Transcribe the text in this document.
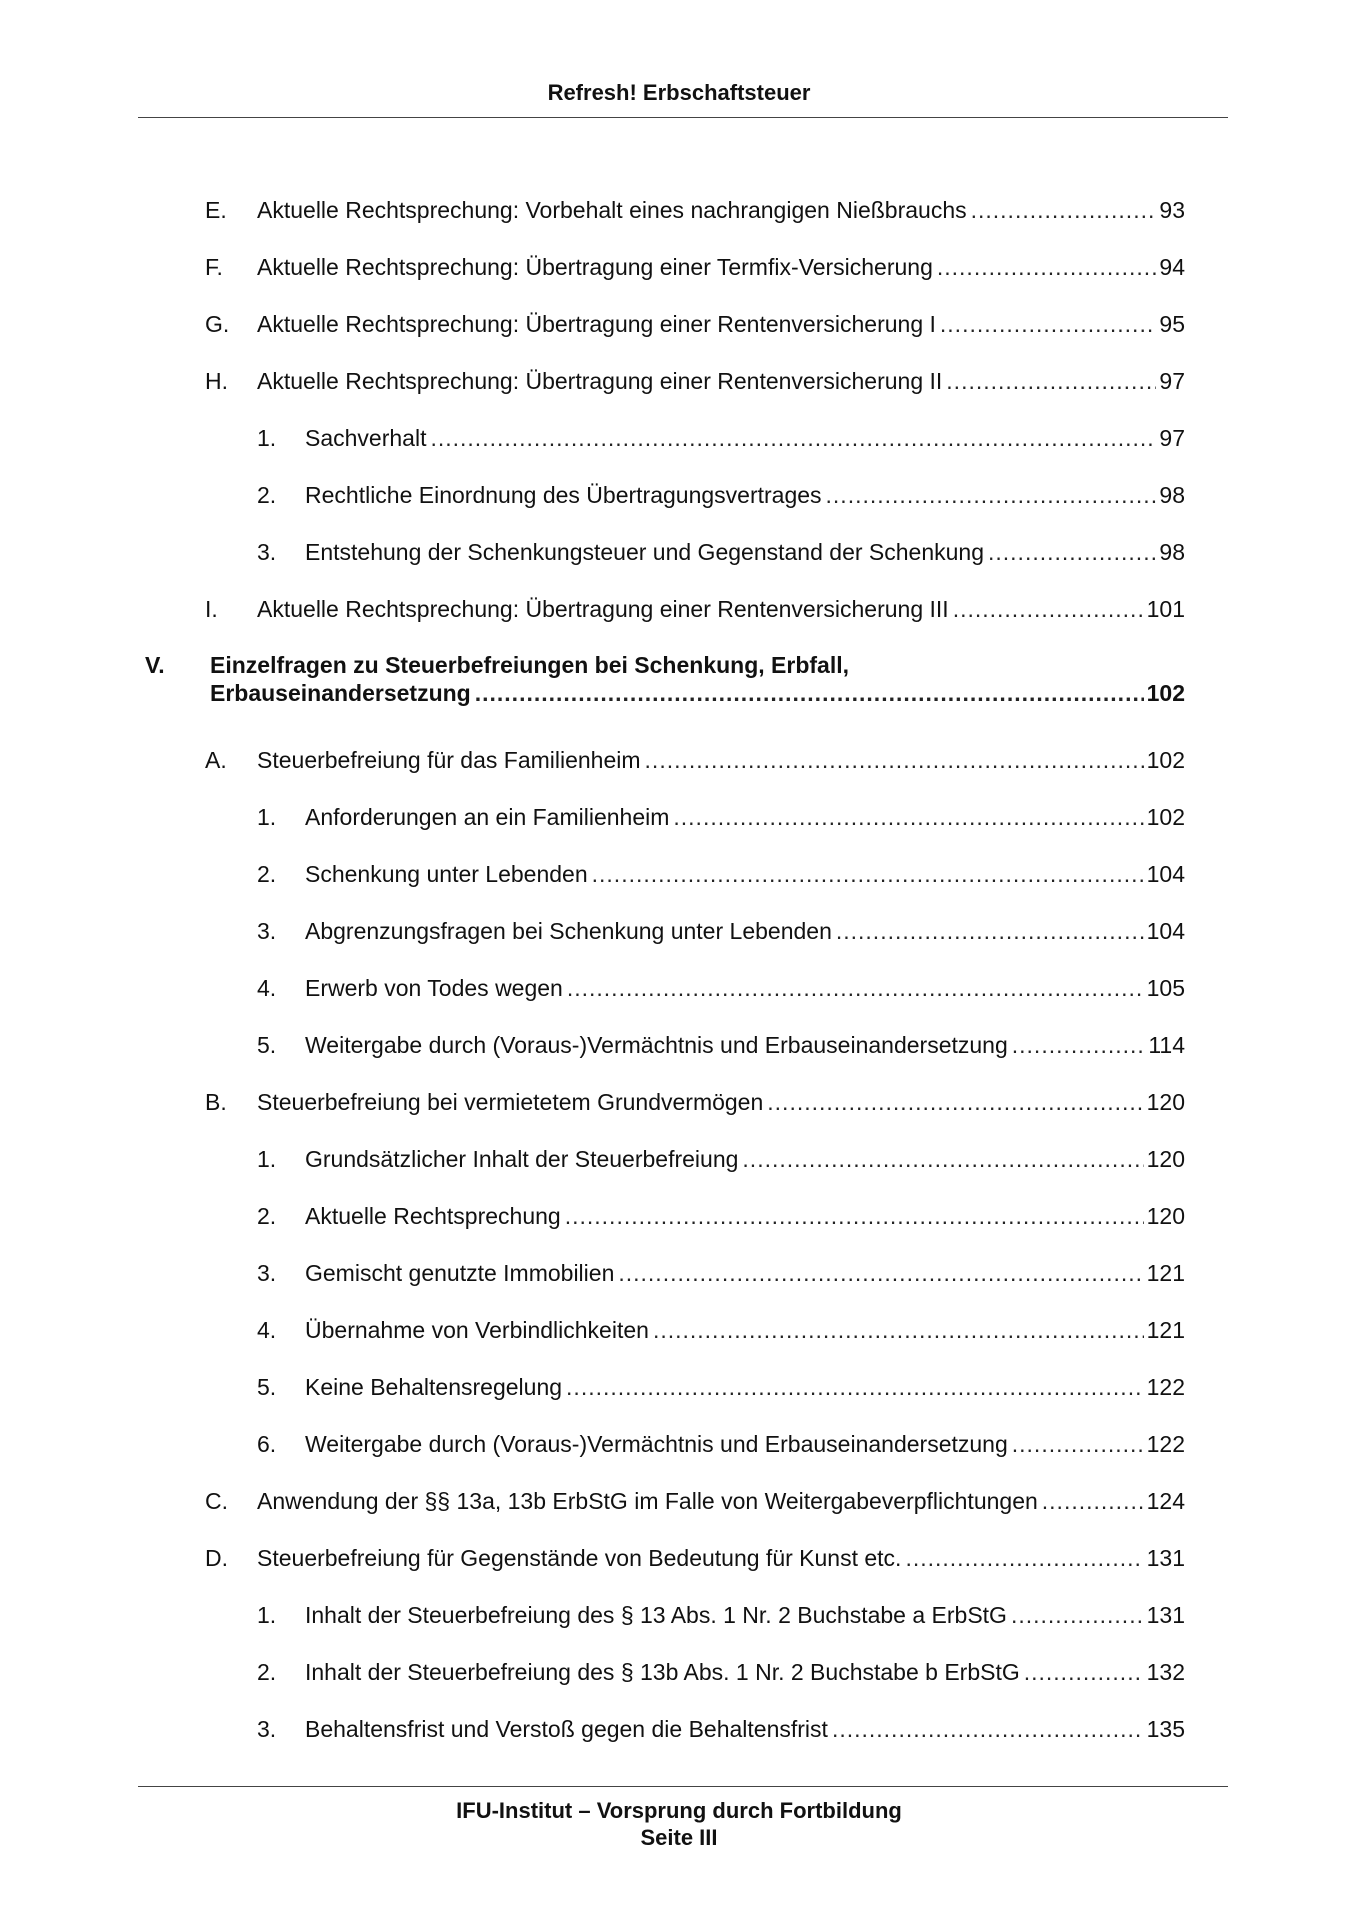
Refresh! Erbschaftsteuer
E. Aktuelle Rechtsprechung: Vorbehalt eines nachrangigen Nießbrauchs .....	93
F. Aktuelle Rechtsprechung: Übertragung einer Termfix-Versicherung .....	94
G. Aktuelle Rechtsprechung: Übertragung einer Rentenversicherung I .....	95
H. Aktuelle Rechtsprechung: Übertragung einer Rentenversicherung II .....	97
1. Sachverhalt .....	97
2. Rechtliche Einordnung des Übertragungsvertrages .....	98
3. Entstehung der Schenkungsteuer und Gegenstand der Schenkung .....	98
I. Aktuelle Rechtsprechung: Übertragung einer Rentenversicherung III .....	101
V. Einzelfragen zu Steuerbefreiungen bei Schenkung, Erbfall,
Erbauseinandersetzung .....	102
A. Steuerbefreiung für das Familienheim .....	102
1. Anforderungen an ein Familienheim .....	102
2. Schenkung unter Lebenden .....	104
3. Abgrenzungsfragen bei Schenkung unter Lebenden .....	104
4. Erwerb von Todes wegen .....	105
5. Weitergabe durch (Voraus-)Vermächtnis und Erbauseinandersetzung .....	114
B. Steuerbefreiung bei vermietetem Grundvermögen .....	120
1. Grundsätzlicher Inhalt der Steuerbefreiung .....	120
2. Aktuelle Rechtsprechung .....	120
3. Gemischt genutzte Immobilien .....	121
4. Übernahme von Verbindlichkeiten .....	121
5. Keine Behaltensregelung .....	122
6. Weitergabe durch (Voraus-)Vermächtnis und Erbauseinandersetzung .....	122
C. Anwendung der §§ 13a, 13b ErbStG im Falle von Weitergabeverpflichtungen .....	124
D. Steuerbefreiung für Gegenstände von Bedeutung für Kunst etc. .....	131
1. Inhalt der Steuerbefreiung des § 13 Abs. 1 Nr. 2 Buchstabe a ErbStG .....	131
2. Inhalt der Steuerbefreiung des § 13b Abs. 1 Nr. 2 Buchstabe b ErbStG .....	132
3. Behaltensfrist und Verstoß gegen die Behaltensfrist .....	135
IFU-Institut – Vorsprung durch Fortbildung
Seite III
